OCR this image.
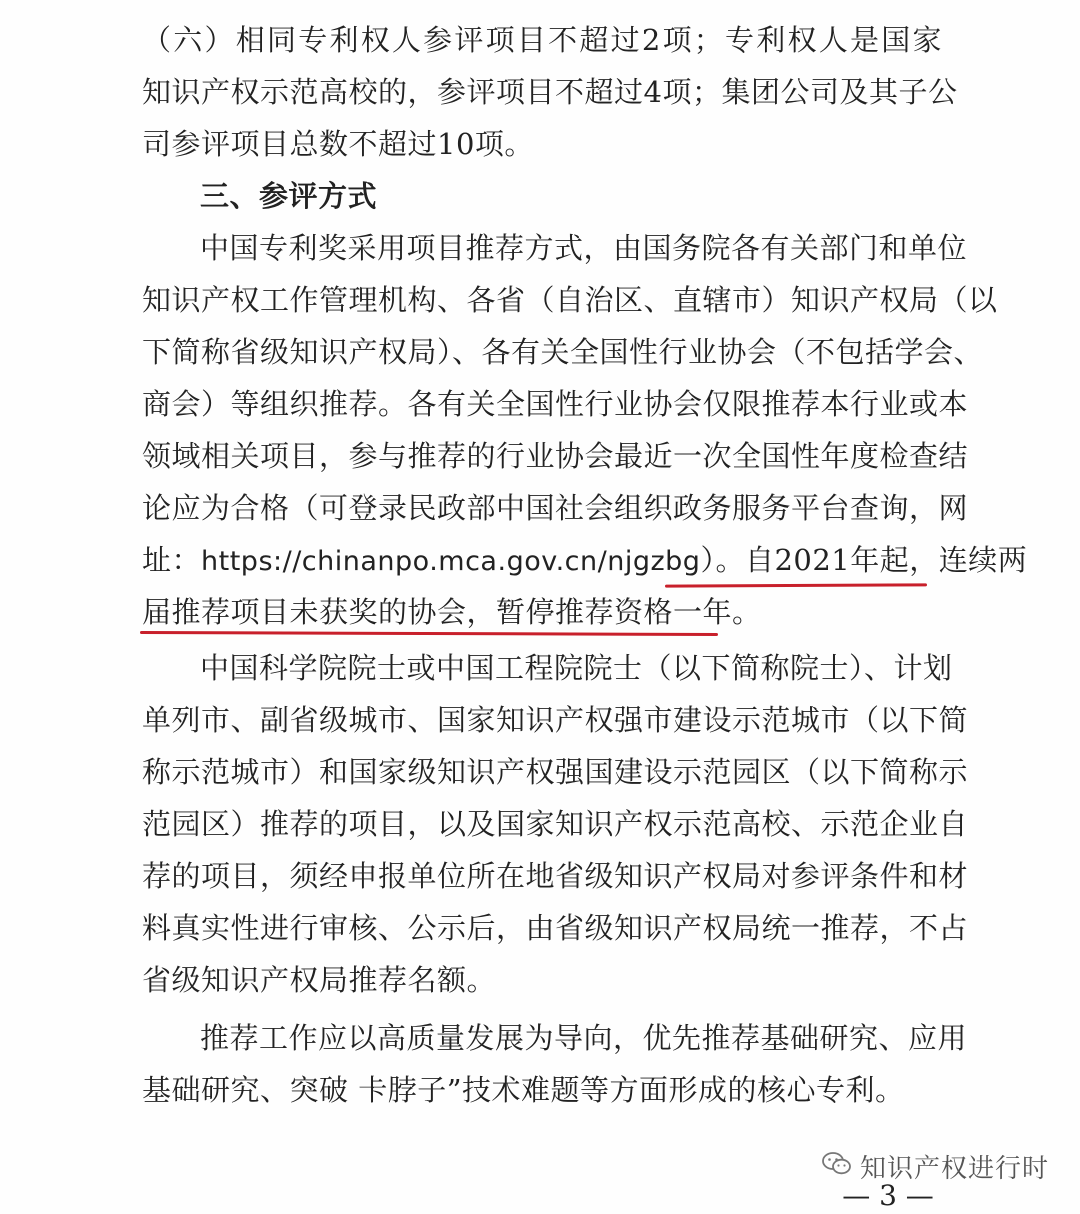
（六）相同专利权人参评项目不超过2项；专利权人是国家
知识产权示范高校的，参评项目不超过4项；集团公司及其子公
司参评项目总数不超过10项。
三、参评方式
中国专利奖采用项目推荐方式，由国务院各有关部门和单位
知识产权工作管理机构、各省（自治区、直辖市）知识产权局（以
下简称省级知识产权局）、各有关全国性行业协会（不包括学会、
商会）等组织推荐。各有关全国性行业协会仅限推荐本行业或本
领域相关项目，参与推荐的行业协会最近一次全国性年度检查结
论应为合格（可登录民政部中国社会组织政务服务平台查询，网
址：https://chinanpo.mca.gov.cn/njgzbg）。自2021年起，连续两
届推荐项目未获奖的协会，暂停推荐资格一年。
中国科学院院士或中国工程院院士（以下简称院士）、计划
单列市、副省级城市、国家知识产权强市建设示范城市（以下简
称示范城市）和国家级知识产权强国建设示范园区（以下简称示
范园区）推荐的项目，以及国家知识产权示范高校、示范企业自
荐的项目，须经申报单位所在地省级知识产权局对参评条件和材
料真实性进行审核、公示后，由省级知识产权局统一推荐，不占
省级知识产权局推荐名额。
推荐工作应以高质量发展为导向，优先推荐基础研究、应用
基础研究、突破 卡脖子”技术难题等方面形成的核心专利。
知识产权进行时
— 3 —
